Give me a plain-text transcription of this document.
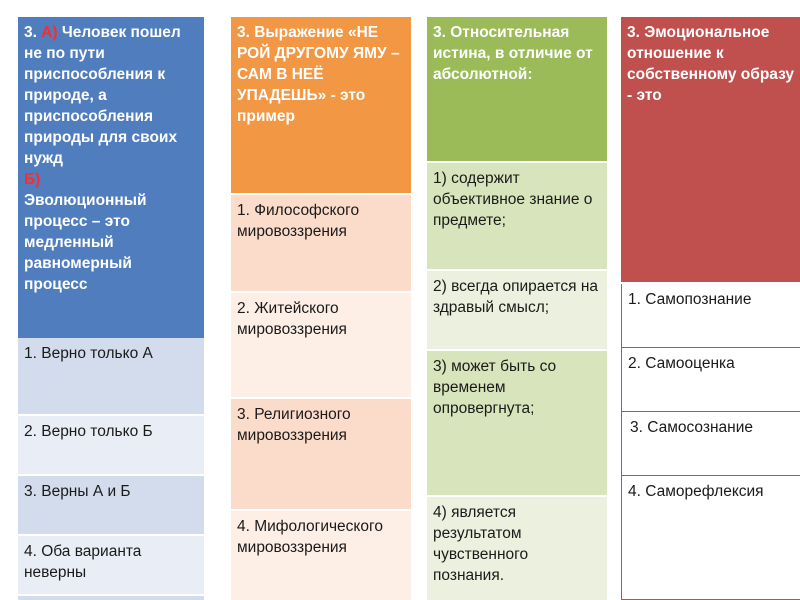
3. А) Человек пошел не по пути приспособления к природе, а приспособления природы для своих нужд
Б)
Эволюционный процесс – это медленный равномерный процесс
1. Верно только А
2. Верно только Б
3. Верны А и Б
4. Оба варианта неверны
3. Выражение «НЕ РОЙ ДРУГОМУ ЯМУ – САМ В НЕЁ УПАДЕШЬ» - это пример
1. Философского мировоззрения
2. Житейского мировоззрения
3. Религиозного мировоззрения
4. Мифологического мировоззрения
3. Относительная истина, в отличие от абсолютной:
1) содержит объективное знание о предмете;
2) всегда опирается на здравый смысл;
3) может быть со временем опровергнута;
4) является результатом чувственного познания.
3. Эмоциональное отношение к собственному образу - это
1. Самопознание
2. Самооценка
3. Самосознание
4. Саморефлексия
